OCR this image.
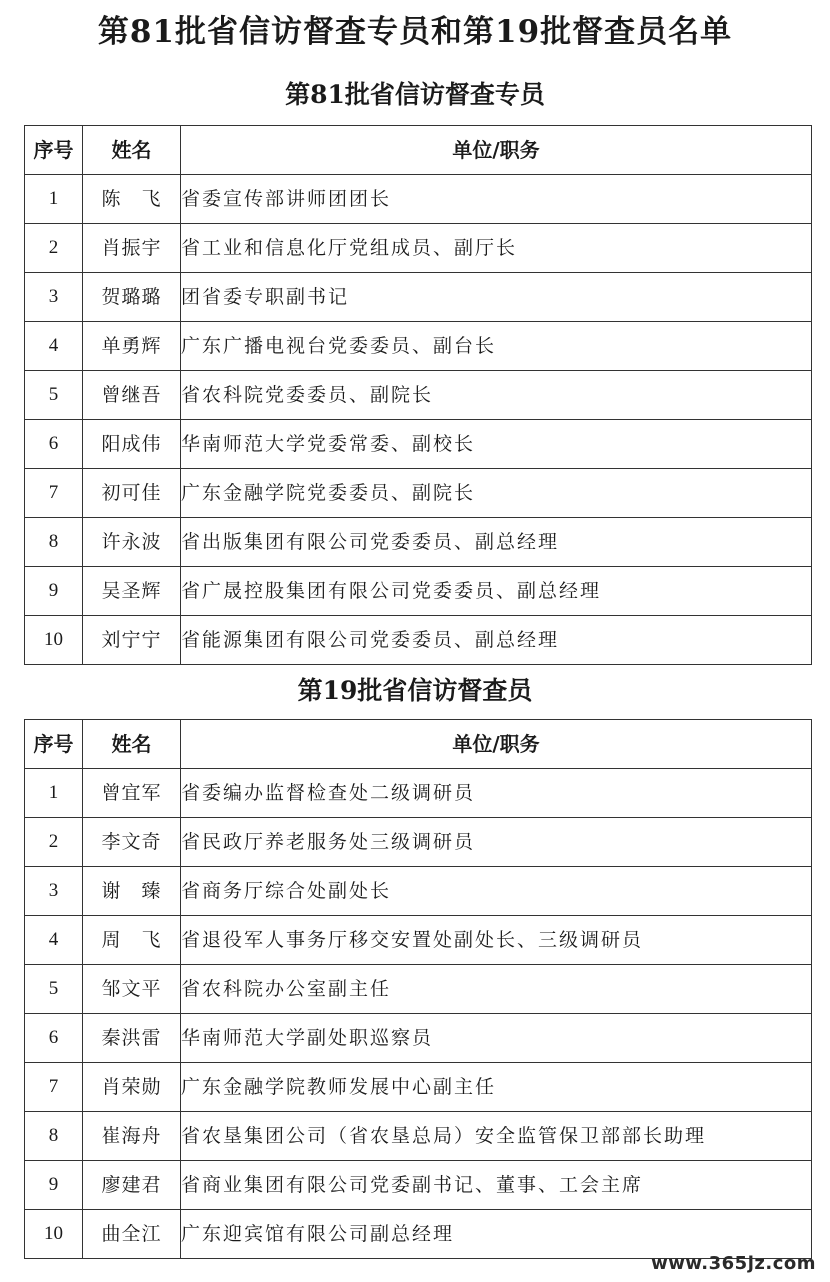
第81批省信访督查专员和第19批督查员名单
第81批省信访督查专员
序号	姓名	单位/职务
1	陈　飞	省委宣传部讲师团团长
2	肖振宇	省工业和信息化厅党组成员、副厅长
3	贺璐璐	团省委专职副书记
4	单勇辉	广东广播电视台党委委员、副台长
5	曾继吾	省农科院党委委员、副院长
6	阳成伟	华南师范大学党委常委、副校长
7	初可佳	广东金融学院党委委员、副院长
8	许永波	省出版集团有限公司党委委员、副总经理
9	吴圣辉	省广晟控股集团有限公司党委委员、副总经理
10	刘宁宁	省能源集团有限公司党委委员、副总经理
第19批省信访督查员
序号	姓名	单位/职务
1	曾宜军	省委编办监督检查处二级调研员
2	李文奇	省民政厅养老服务处三级调研员
3	谢　臻	省商务厅综合处副处长
4	周　飞	省退役军人事务厅移交安置处副处长、三级调研员
5	邹文平	省农科院办公室副主任
6	秦洪雷	华南师范大学副处职巡察员
7	肖荣勋	广东金融学院教师发展中心副主任
8	崔海舟	省农垦集团公司（省农垦总局）安全监管保卫部部长助理
9	廖建君	省商业集团有限公司党委副书记、董事、工会主席
10	曲全江	广东迎宾馆有限公司副总经理
www.365jz.com
